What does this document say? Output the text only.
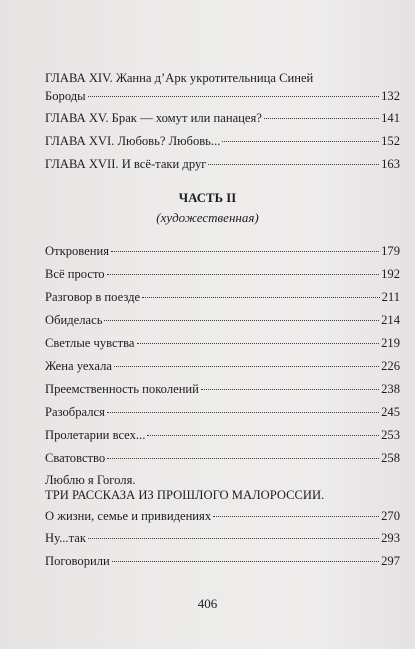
ГЛАВА XIV. Жанна д’Арк укротительница Синей
Бороды	132
ГЛАВА XV. Брак — хомут или панацея?	141
ГЛАВА XVI. Любовь? Любовь...	152
ГЛАВА XVII. И всё-таки друг	163
ЧАСТЬ II
(художественная)
Откровения	179
Всё просто	192
Разговор в поезде	211
Обиделась	214
Светлые чувства	219
Жена уехала	226
Преемственность поколений	238
Разобрался	245
Пролетарии всех...	253
Сватовство	258
Люблю я Гоголя.
ТРИ РАССКАЗА ИЗ ПРОШЛОГО МАЛОРОССИИ.
О жизни, семье и привидениях	270
Ну...так	293
Поговорили	297
406
